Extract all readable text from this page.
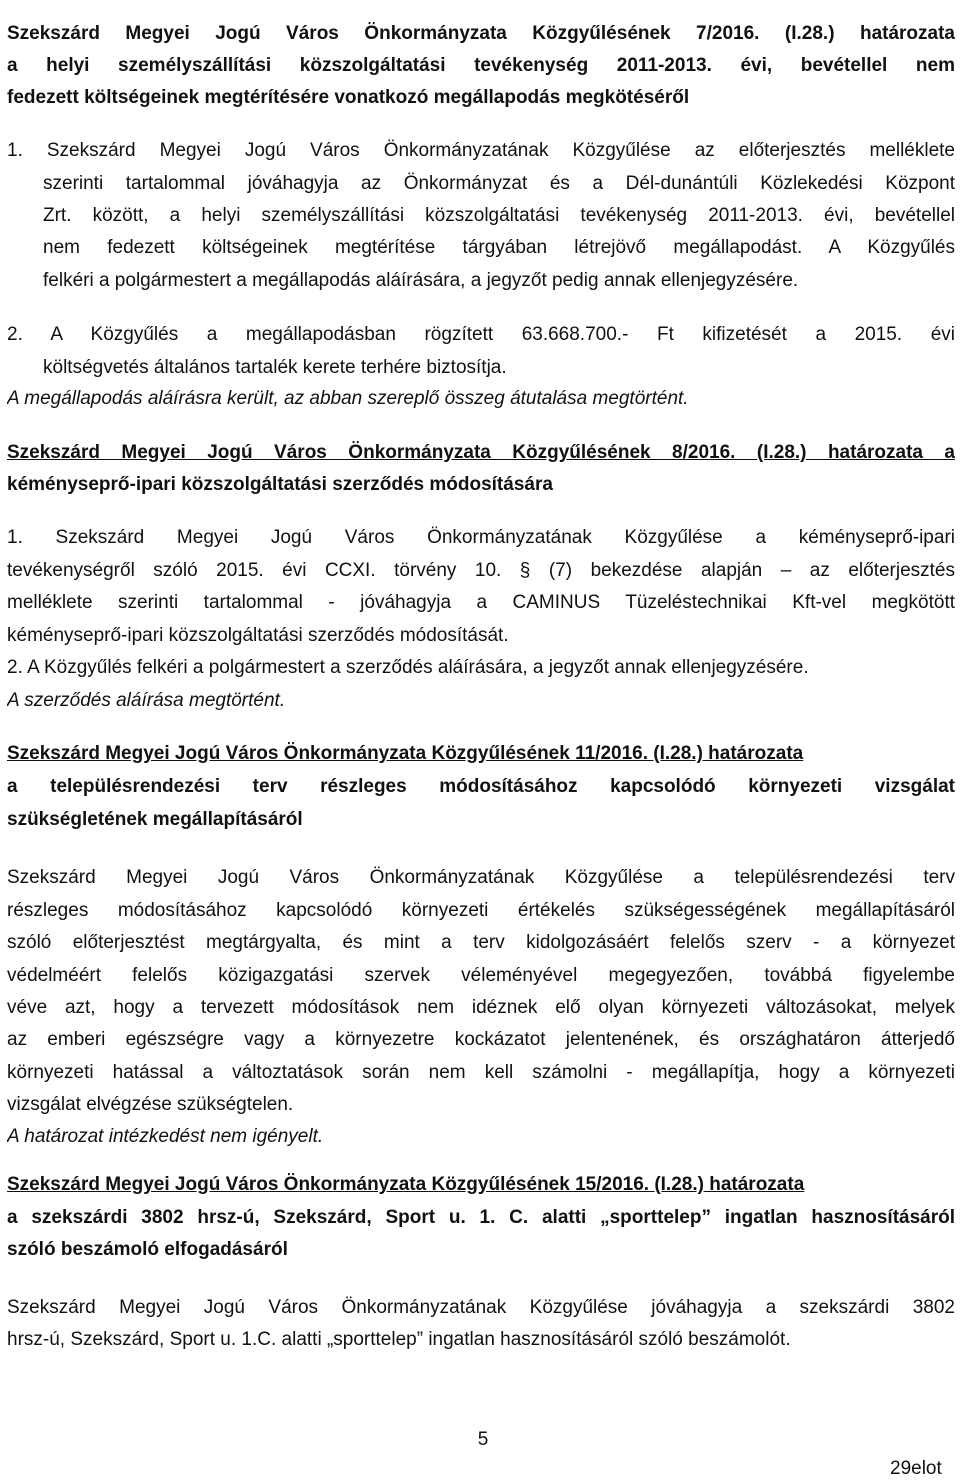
Szekszárd Megyei Jogú Város Önkormányzata Közgyűlésének 7/2016. (I.28.) határozata
a helyi személyszállítási közszolgáltatási tevékenység 2011-2013. évi, bevétellel nem
fedezett költségeinek megtérítésére vonatkozó megállapodás megkötéséről
1. Szekszárd Megyei Jogú Város Önkormányzatának Közgyűlése az előterjesztés melléklete
szerinti tartalommal jóváhagyja az Önkormányzat és a Dél-dunántúli Közlekedési Központ
Zrt. között, a helyi személyszállítási közszolgáltatási tevékenység 2011-2013. évi, bevétellel
nem fedezett költségeinek megtérítése tárgyában létrejövő megállapodást. A Közgyűlés
felkéri a polgármestert a megállapodás aláírására, a jegyzőt pedig annak ellenjegyzésére.
2. A Közgyűlés a megállapodásban rögzített 63.668.700.- Ft kifizetését a 2015. évi
költségvetés általános tartalék kerete terhére biztosítja.
A megállapodás aláírásra került, az abban szereplő összeg átutalása megtörtént.
Szekszárd Megyei Jogú Város Önkormányzata Közgyűlésének 8/2016. (I.28.) határozata a
kéményseprő-ipari közszolgáltatási szerződés módosítására
1. Szekszárd Megyei Jogú Város Önkormányzatának Közgyűlése a kéményseprő-ipari
tevékenységről szóló 2015. évi CCXI. törvény 10. § (7) bekezdése alapján – az előterjesztés
melléklete szerinti tartalommal - jóváhagyja a CAMINUS Tüzeléstechnikai Kft-vel megkötött
kéményseprő-ipari közszolgáltatási szerződés módosítását.
2. A Közgyűlés felkéri a polgármestert a szerződés aláírására, a jegyzőt annak ellenjegyzésére.
A szerződés aláírása megtörtént.
Szekszárd Megyei Jogú Város Önkormányzata Közgyűlésének 11/2016. (I.28.) határozata
a településrendezési terv részleges módosításához kapcsolódó környezeti vizsgálat
szükségletének megállapításáról
Szekszárd Megyei Jogú Város Önkormányzatának Közgyűlése a településrendezési terv
részleges módosításához kapcsolódó környezeti értékelés szükségességének megállapításáról
szóló előterjesztést megtárgyalta, és mint a terv kidolgozásáért felelős szerv - a környezet
védelméért felelős közigazgatási szervek véleményével megegyezően, továbbá figyelembe
véve azt, hogy a tervezett módosítások nem idéznek elő olyan környezeti változásokat, melyek
az emberi egészségre vagy a környezetre kockázatot jelentenének, és országhatáron átterjedő
környezeti hatással a változtatások során nem kell számolni - megállapítja, hogy a környezeti
vizsgálat elvégzése szükségtelen.
A határozat intézkedést nem igényelt.
Szekszárd Megyei Jogú Város Önkormányzata Közgyűlésének 15/2016. (I.28.) határozata
a szekszárdi 3802 hrsz-ú, Szekszárd, Sport u. 1. C. alatti „sporttelep” ingatlan hasznosításáról
szóló beszámoló elfogadásáról
Szekszárd Megyei Jogú Város Önkormányzatának Közgyűlése jóváhagyja a szekszárdi 3802
hrsz-ú, Szekszárd, Sport u. 1.C. alatti „sporttelep” ingatlan hasznosításáról szóló beszámolót.
5
29elot
